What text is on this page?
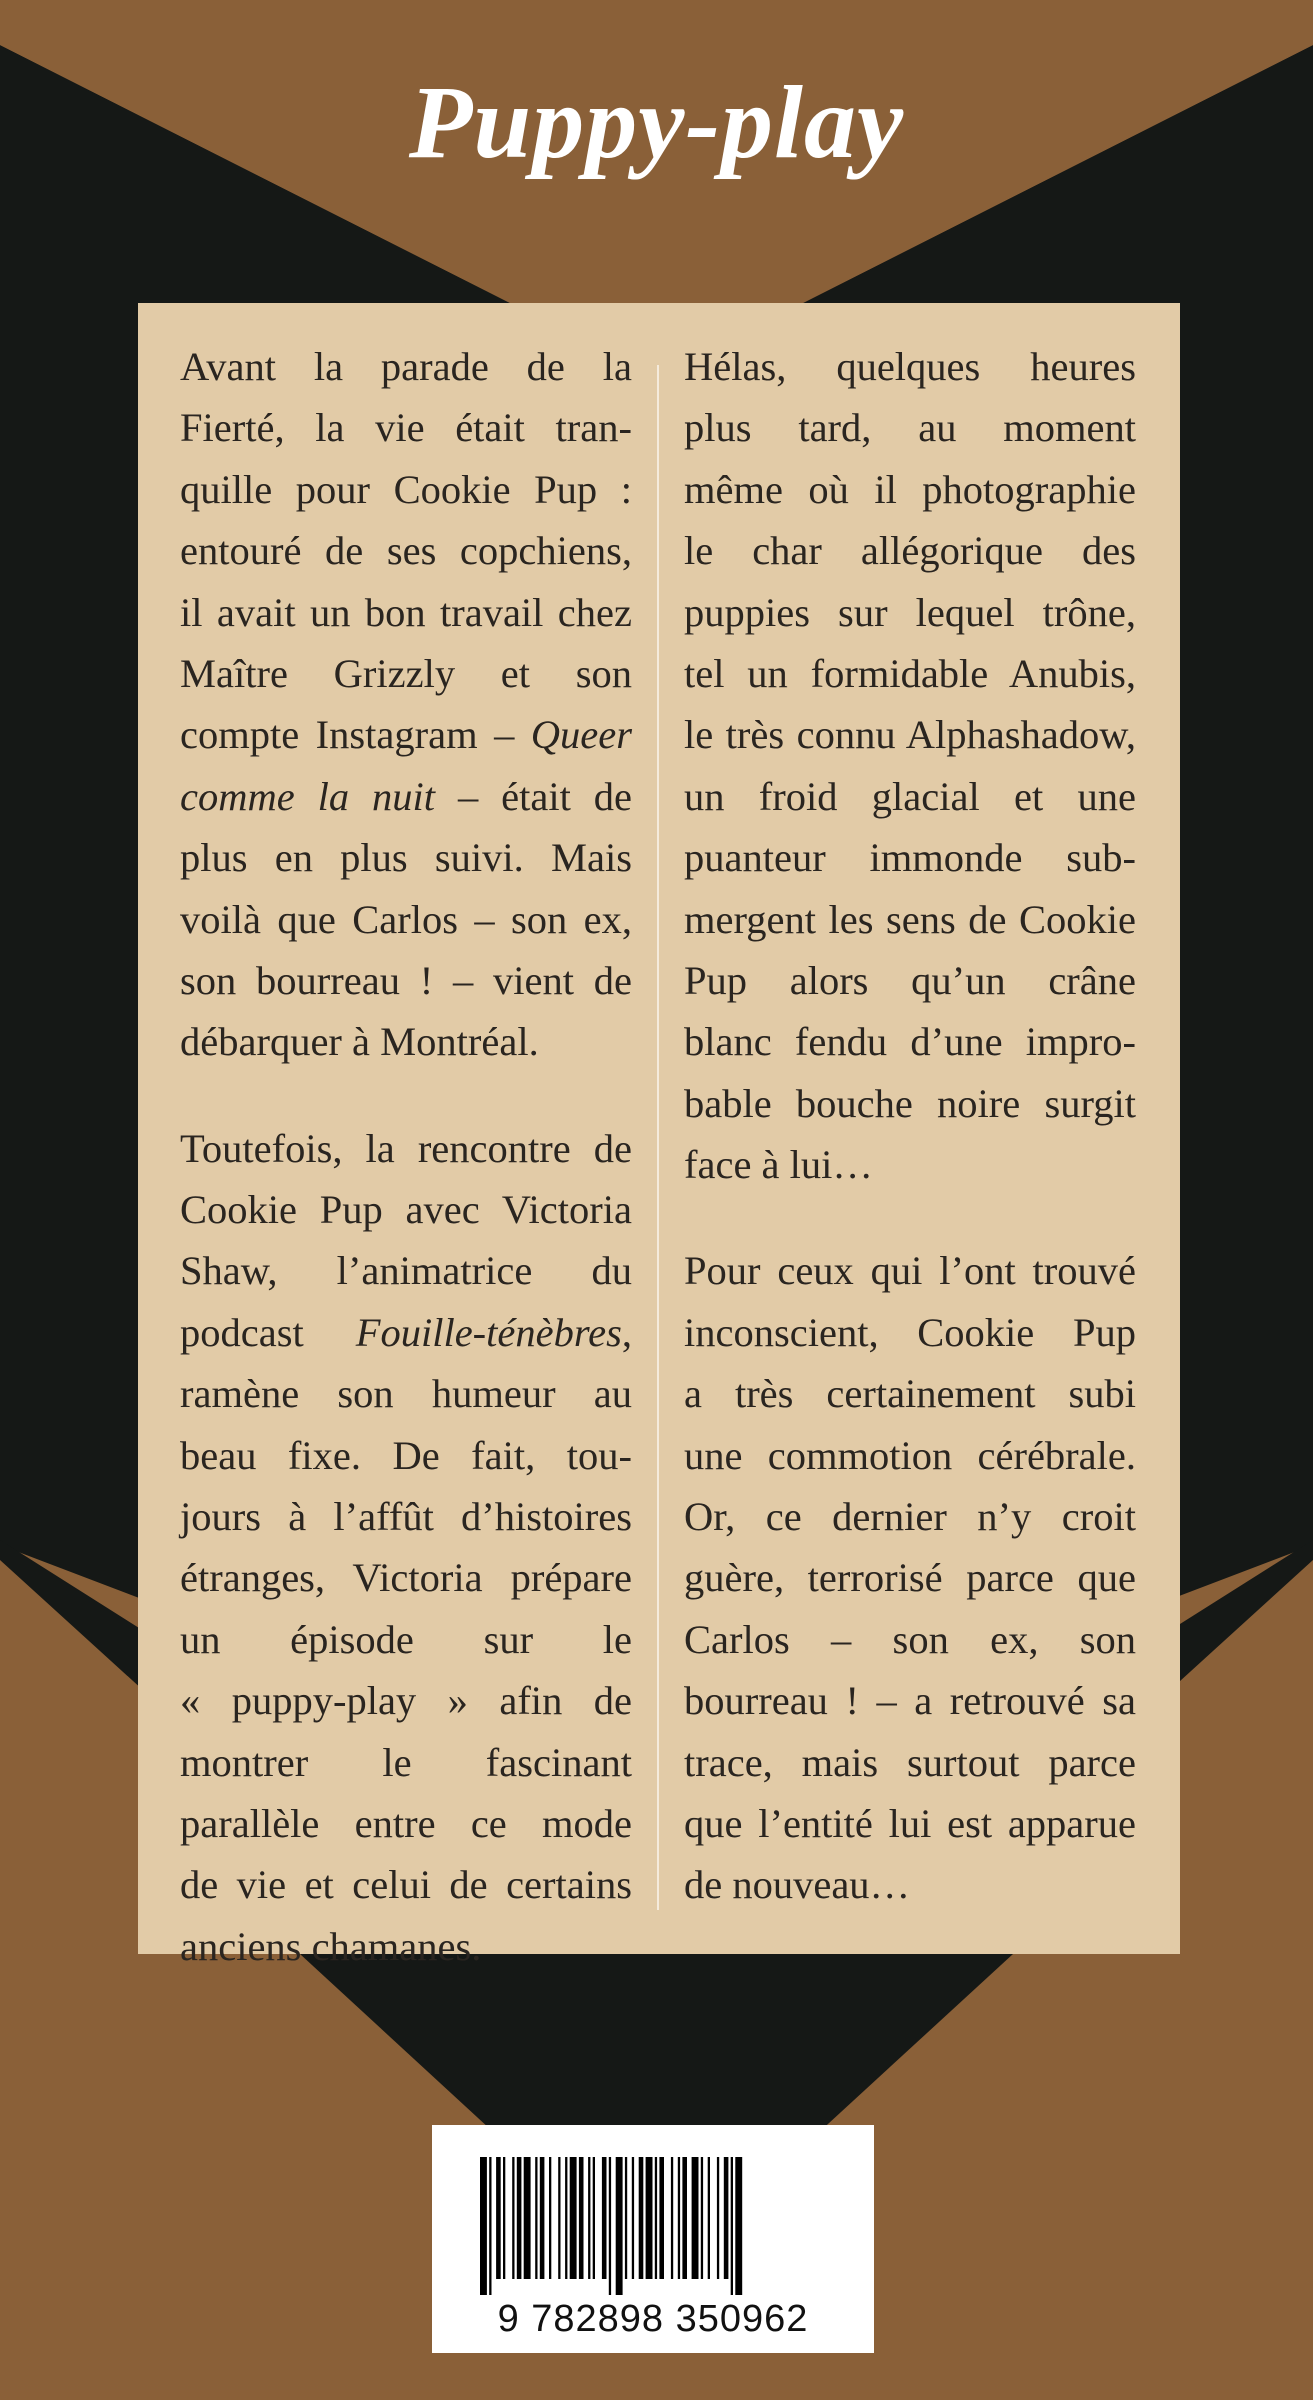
Puppy-play
Avant la parade de la
Fierté, la vie était tran-
quille pour Cookie Pup :
entouré de ses copchiens,
il avait un bon travail chez
Maître Grizzly et son
compte Instagram – Queer
comme la nuit – était de
plus en plus suivi. Mais
voilà que Carlos – son ex,
son bourreau ! – vient de
débarquer à Montréal.
Toutefois, la rencontre de
Cookie Pup avec Victoria
Shaw, l’animatrice du
podcast Fouille-ténèbres,
ramène son humeur au
beau fixe. De fait, tou-
jours à l’affût d’histoires
étranges, Victoria prépare
un épisode sur le
« puppy-play » afin de
montrer le fascinant
parallèle entre ce mode
de vie et celui de certains
anciens chamanes.
Hélas, quelques heures
plus tard, au moment
même où il photographie
le char allégorique des
puppies sur lequel trône,
tel un formidable Anubis,
le très connu Alphashadow,
un froid glacial et une
puanteur immonde sub-
mergent les sens de Cookie
Pup alors qu’un crâne
blanc fendu d’une impro-
bable bouche noire surgit
face à lui…
Pour ceux qui l’ont trouvé
inconscient, Cookie Pup
a très certainement subi
une commotion cérébrale.
Or, ce dernier n’y croit
guère, terrorisé parce que
Carlos – son ex, son
bourreau ! – a retrouvé sa
trace, mais surtout parce
que l’entité lui est apparue
de nouveau…
9 782898 350962
